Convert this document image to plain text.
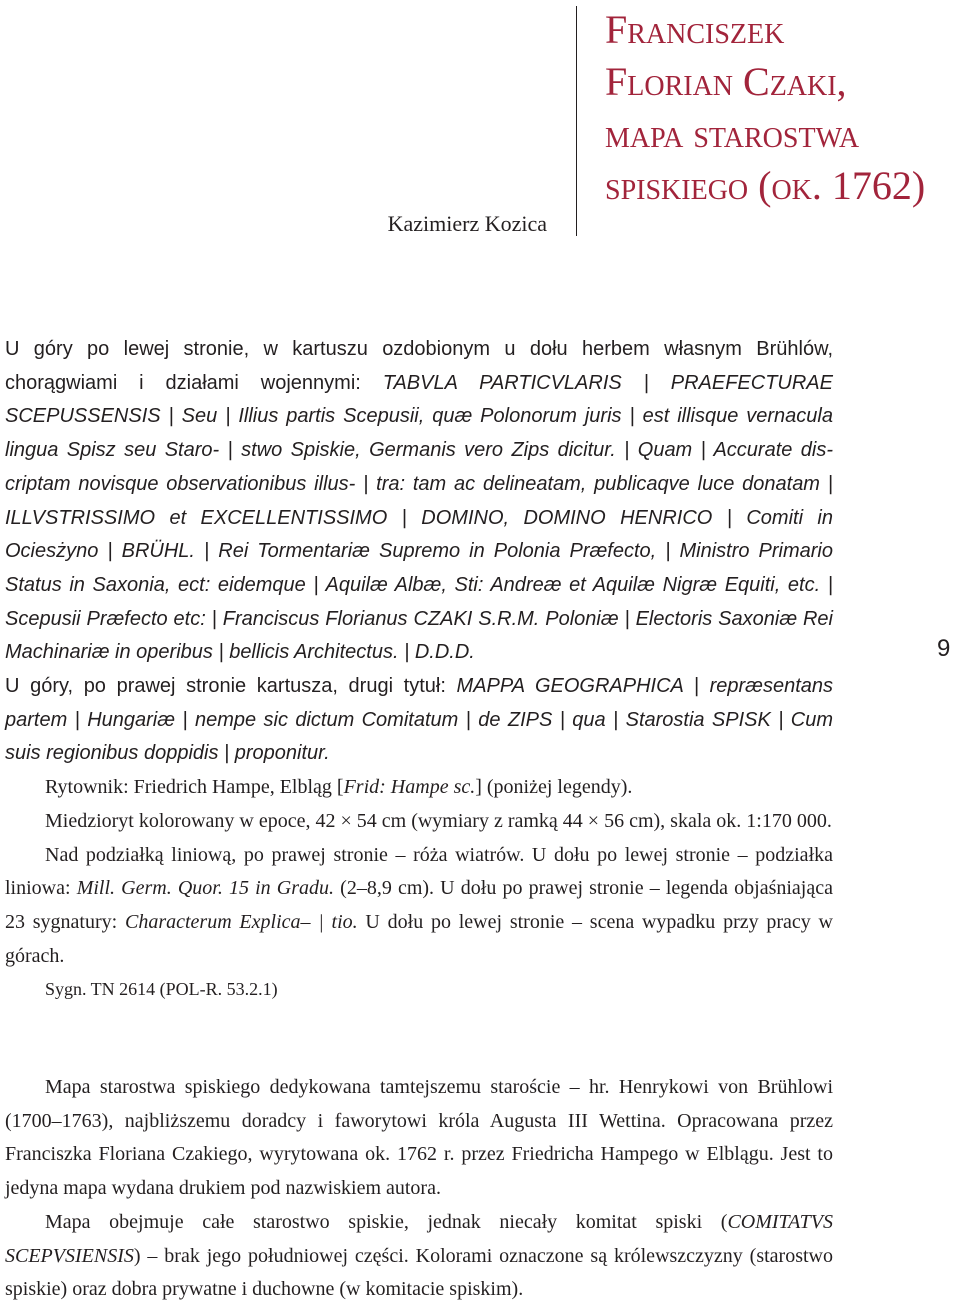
Kazimierz Kozica
Franciszek
Florian Czaki,
mapa starostwa
spiskiego (ok. 1762)
9

U góry po lewej stronie, w kartuszu ozdobionym u dołu herbem własnym Brühlów, chorągwiami i działami wojennymi: TABVLA PARTICVLARIS | PRAEFECTURAE SCEPUSSENSIS | Seu | Illius partis Scepusii, quæ Polonorum juris | est illisque vernacula lingua Spisz seu Staro- | stwo Spiskie, Germanis vero Zips dicitur. | Quam | Accurate dis- criptam novisque observationibus illus- | tra: tam ac delineatam, publicaqve luce donatam | ILLVSTRISSIMO et EXCELLENTISSIMO | DOMINO, DOMINO HENRICO | Comiti in Ociesżyno | BRÜHL. | Rei Tormentariæ Supremo in Polonia Præfecto, | Ministro Primario Status in Saxonia, ect: eidemque | Aquilæ Albæ, Sti: Andreæ et Aquilæ Nigræ Equiti, etc. | Scepusii Præfecto etc: | Franciscus Florianus CZAKI S.R.M. Poloniæ | Electoris Saxoniæ Rei Machinariæ in operibus | bellicis Architectus. | D.D.D.

U góry, po prawej stronie kartusza, drugi tytuł: MAPPA GEOGRAPHICA | repræsentans partem | Hungariæ | nempe sic dictum Comitatum | de ZIPS | qua | Starostia SPISK | Cum suis regionibus doppidis | proponitur.

Rytownik: Friedrich Hampe, Elbląg [Frid: Hampe sc.] (poniżej legendy).

Miedzioryt kolorowany w epoce, 42 × 54 cm (wymiary z ramką 44 × 56 cm), skala ok. 1:170 000.

Nad podziałką liniową, po prawej stronie – róża wiatrów. U dołu po lewej stronie – podziałka liniowa: Mill. Germ. Quor. 15 in Gradu. (2–8,9 cm). U dołu po prawej stronie – legenda objaśniająca 23 sygnatury: Characterum Explica– | tio. U dołu po lewej stronie – scena wypadku przy pracy w górach.

Sygn. TN 2614 (POL-R. 53.2.1)

Mapa starostwa spiskiego dedykowana tamtejszemu staroście – hr. Henrykowi von Brühlowi (1700–1763), najbliższemu doradcy i faworytowi króla Augusta III Wettina. Opracowana przez Franciszka Floriana Czakiego, wyrytowana ok. 1762 r. przez Friedricha Hampego w Elblągu. Jest to jedyna mapa wydana drukiem pod nazwiskiem autora.

Mapa obejmuje całe starostwo spiskie, jednak niecały komitat spiski (COMITATVS SCEPVSIENSIS) – brak jego południowej części. Kolorami oznaczone są królewszczyzny (starostwo spiskie) oraz dobra prywatne i duchowne (w komitacie spiskim).
